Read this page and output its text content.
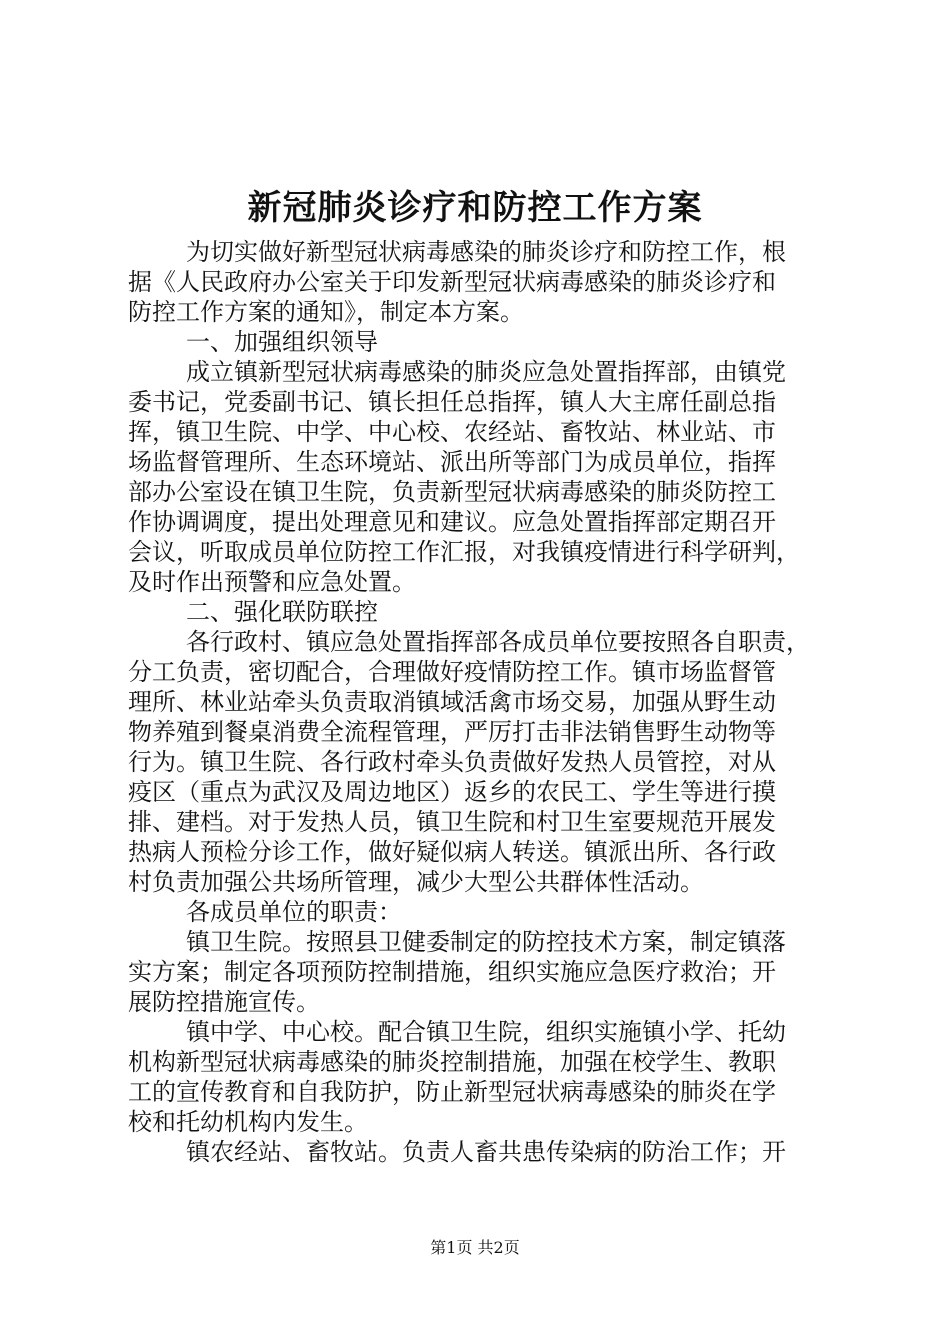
新冠肺炎诊疗和防控工作方案
为切实做好新型冠状病毒感染的肺炎诊疗和防控工作，根
据《人民政府办公室关于印发新型冠状病毒感染的肺炎诊疗和
防控工作方案的通知》，制定本方案。
一、加强组织领导
成立镇新型冠状病毒感染的肺炎应急处置指挥部，由镇党
委书记，党委副书记、镇长担任总指挥，镇人大主席任副总指
挥，镇卫生院、中学、中心校、农经站、畜牧站、林业站、市
场监督管理所、生态环境站、派出所等部门为成员单位，指挥
部办公室设在镇卫生院，负责新型冠状病毒感染的肺炎防控工
作协调调度，提出处理意见和建议。应急处置指挥部定期召开
会议，听取成员单位防控工作汇报，对我镇疫情进行科学研判，
及时作出预警和应急处置。
二、强化联防联控
各行政村、镇应急处置指挥部各成员单位要按照各自职责，
分工负责，密切配合，合理做好疫情防控工作。镇市场监督管
理所、林业站牵头负责取消镇域活禽市场交易，加强从野生动
物养殖到餐桌消费全流程管理，严厉打击非法销售野生动物等
行为。镇卫生院、各行政村牵头负责做好发热人员管控，对从
疫区（重点为武汉及周边地区）返乡的农民工、学生等进行摸
排、建档。对于发热人员，镇卫生院和村卫生室要规范开展发
热病人预检分诊工作，做好疑似病人转送。镇派出所、各行政
村负责加强公共场所管理，减少大型公共群体性活动。
各成员单位的职责：
镇卫生院。按照县卫健委制定的防控技术方案，制定镇落
实方案；制定各项预防控制措施，组织实施应急医疗救治；开
展防控措施宣传。
镇中学、中心校。配合镇卫生院，组织实施镇小学、托幼
机构新型冠状病毒感染的肺炎控制措施，加强在校学生、教职
工的宣传教育和自我防护，防止新型冠状病毒感染的肺炎在学
校和托幼机构内发生。
镇农经站、畜牧站。负责人畜共患传染病的防治工作；开
第1页 共2页
